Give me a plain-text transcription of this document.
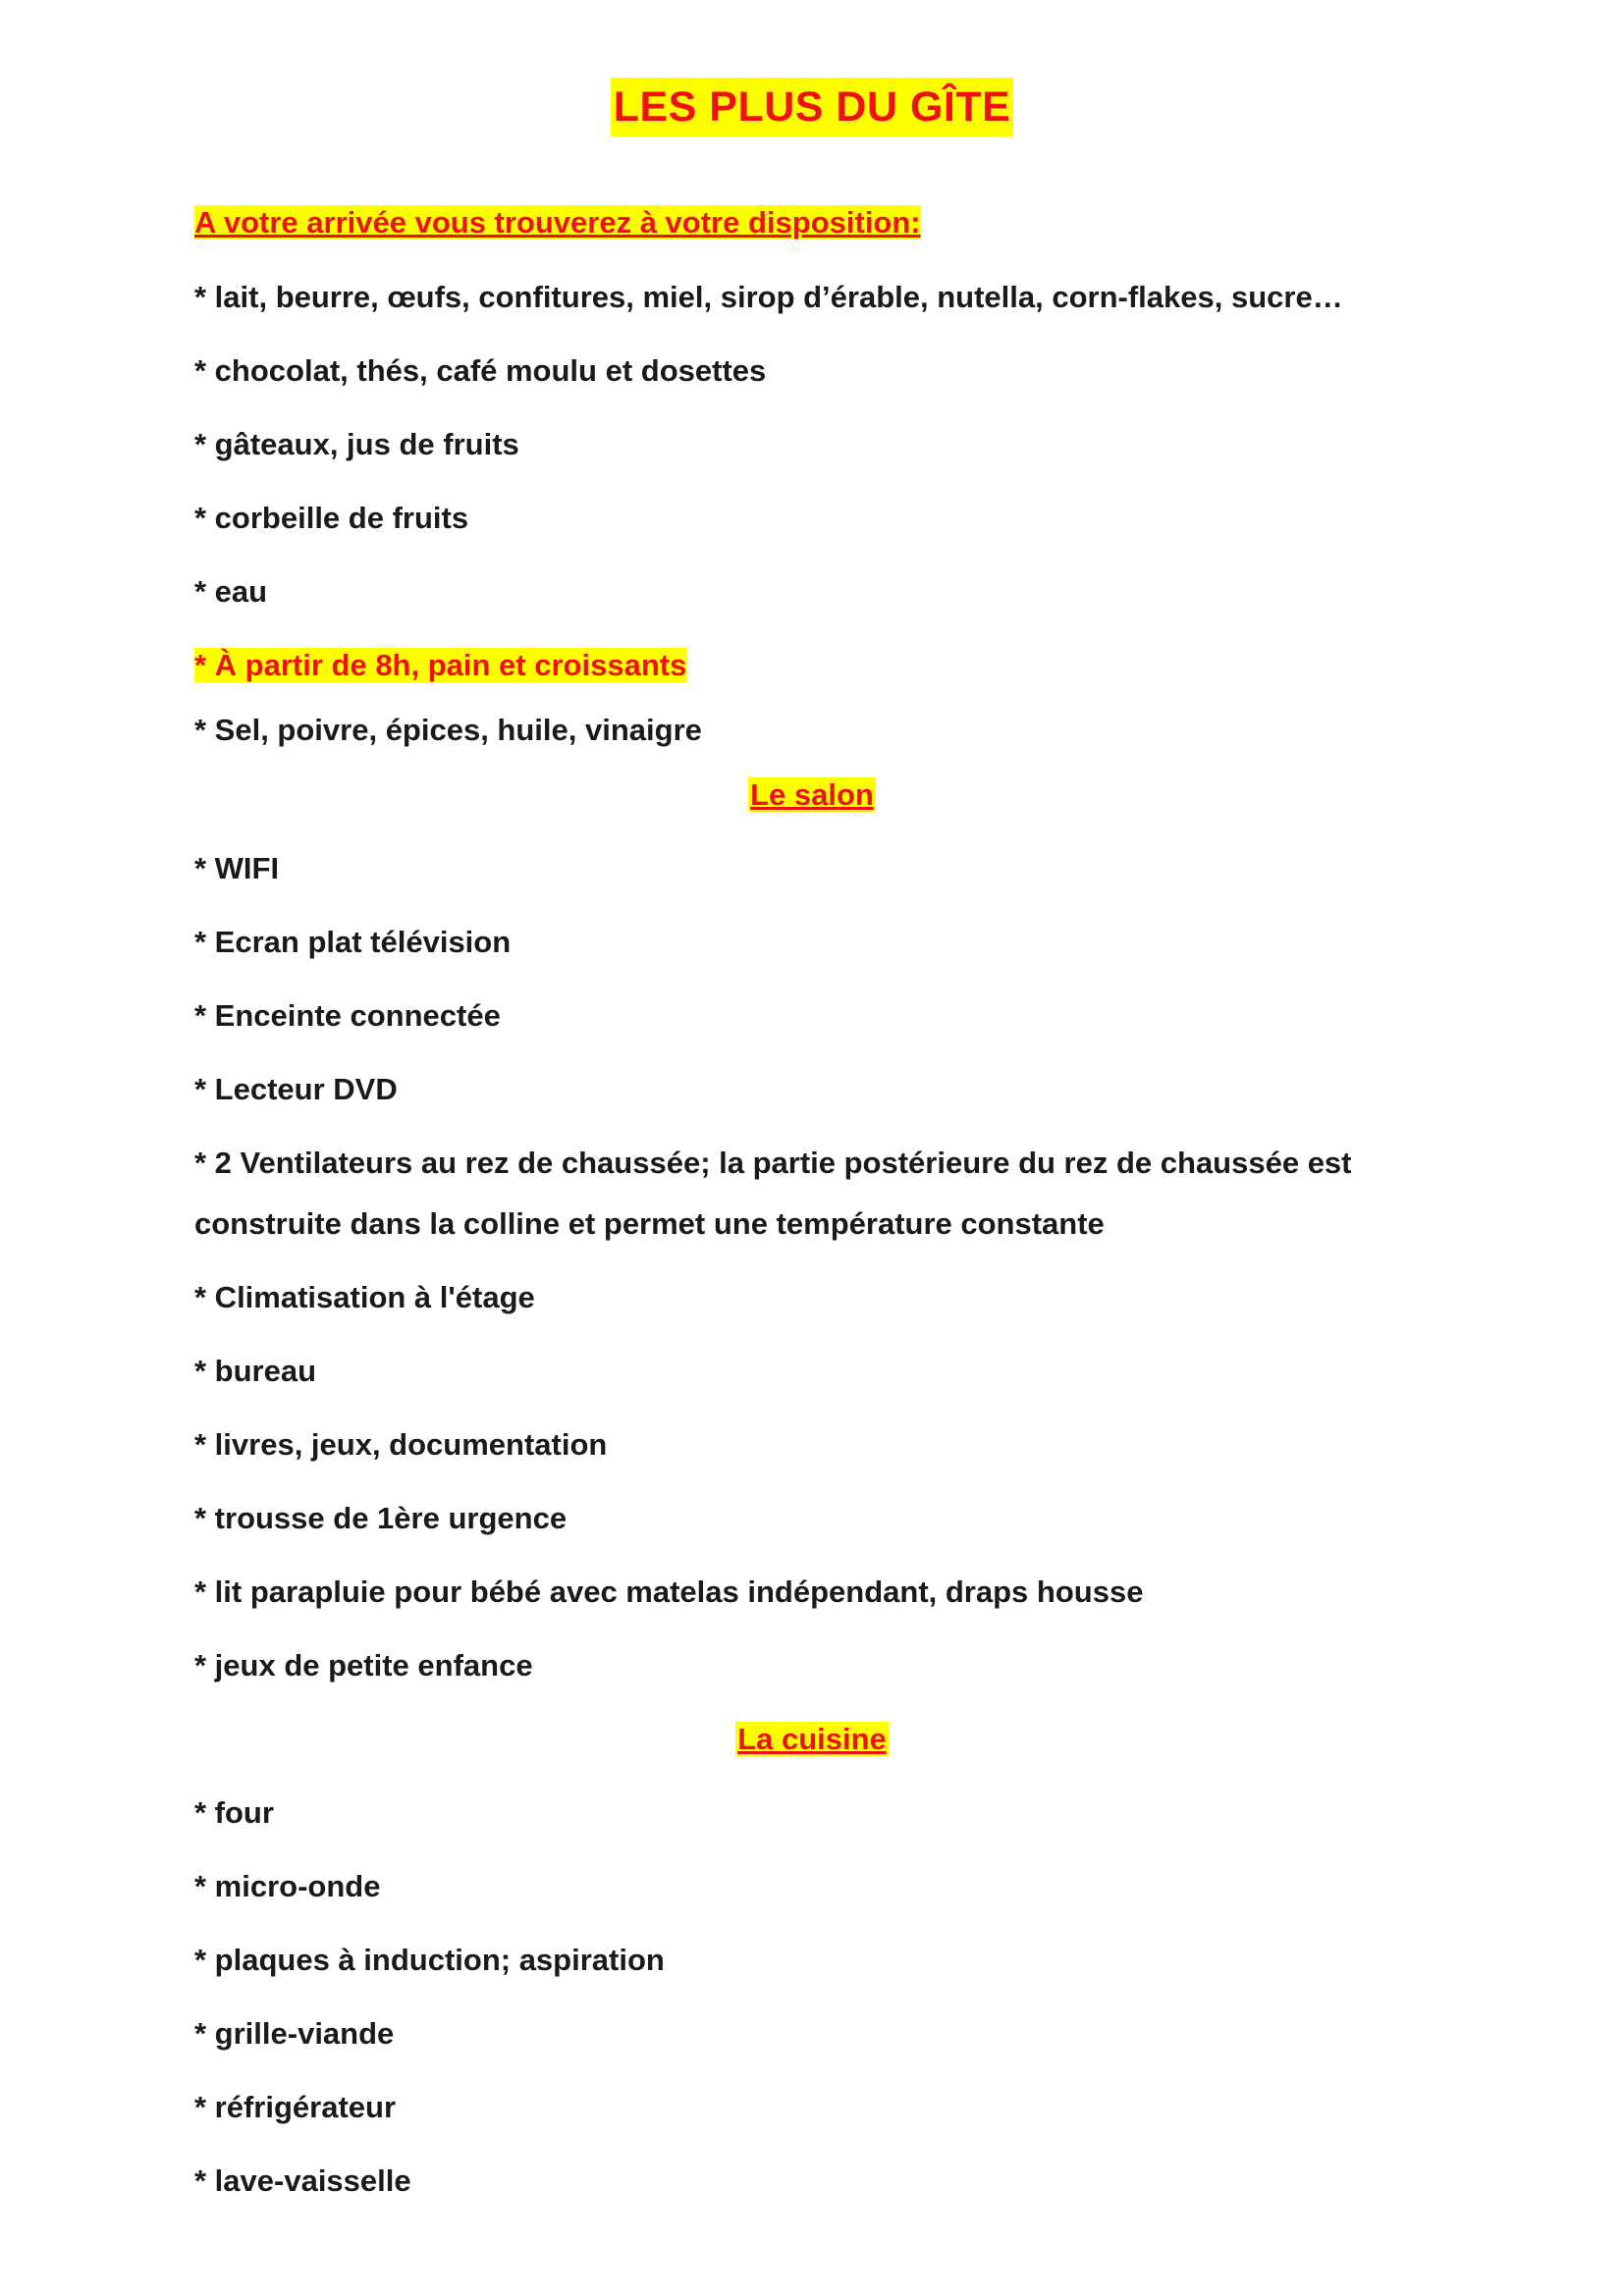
LES PLUS DU GÎTE
A votre arrivée vous trouverez à votre disposition:
* lait, beurre, œufs, confitures, miel, sirop d’érable, nutella, corn-flakes, sucre…
* chocolat, thés, café moulu et dosettes
* gâteaux, jus de fruits
* corbeille de fruits
* eau
* À partir de 8h, pain et croissants
* Sel, poivre, épices, huile, vinaigre
Le salon
* WIFI
* Ecran plat télévision
* Enceinte connectée
* Lecteur DVD
* 2 Ventilateurs au rez de chaussée; la partie postérieure du rez de chaussée est
construite dans la colline et permet une température constante
* Climatisation à l'étage
* bureau
* livres, jeux, documentation
* trousse de 1ère urgence
* lit parapluie pour bébé avec matelas indépendant, draps housse
* jeux de petite enfance
La cuisine
* four
* micro-onde
* plaques à induction; aspiration
* grille-viande
* réfrigérateur
* lave-vaisselle
